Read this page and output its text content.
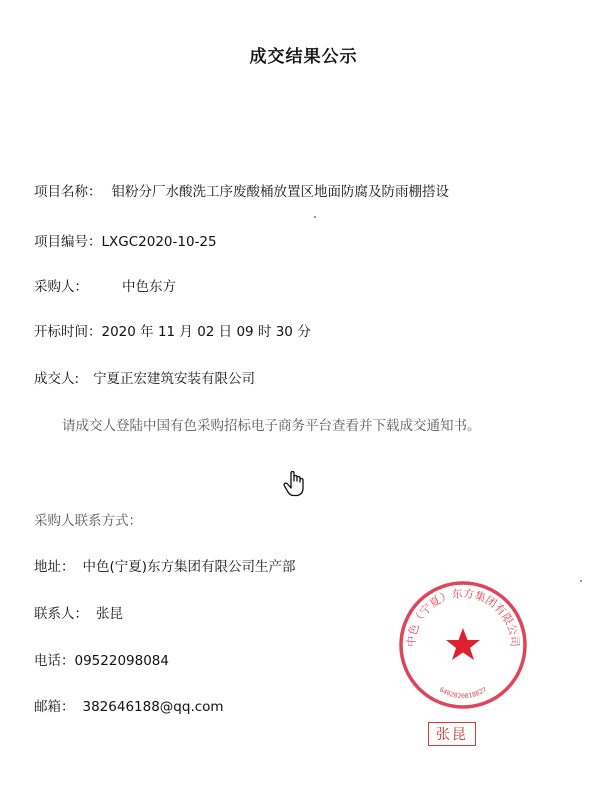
成交结果公示
项目名称： 钼粉分厂水酸洗工序废酸桶放置区地面防腐及防雨棚搭设
项目编号：LXGC2020-10-25
采购人：	中色东方
开标时间：2020 年 11 月 02 日 09 时 30 分
成交人: 宁夏正宏建筑安装有限公司
请成交人登陆中国有色采购招标电子商务平台查看并下载成交通知书。
采购人联系方式：
地址： 中色(宁夏)东方集团有限公司生产部
联系人： 张昆
电话：09522098084
邮箱： 382646188@qq.com
中色（宁夏）东方集团有限公司
6402020018827
张昆
